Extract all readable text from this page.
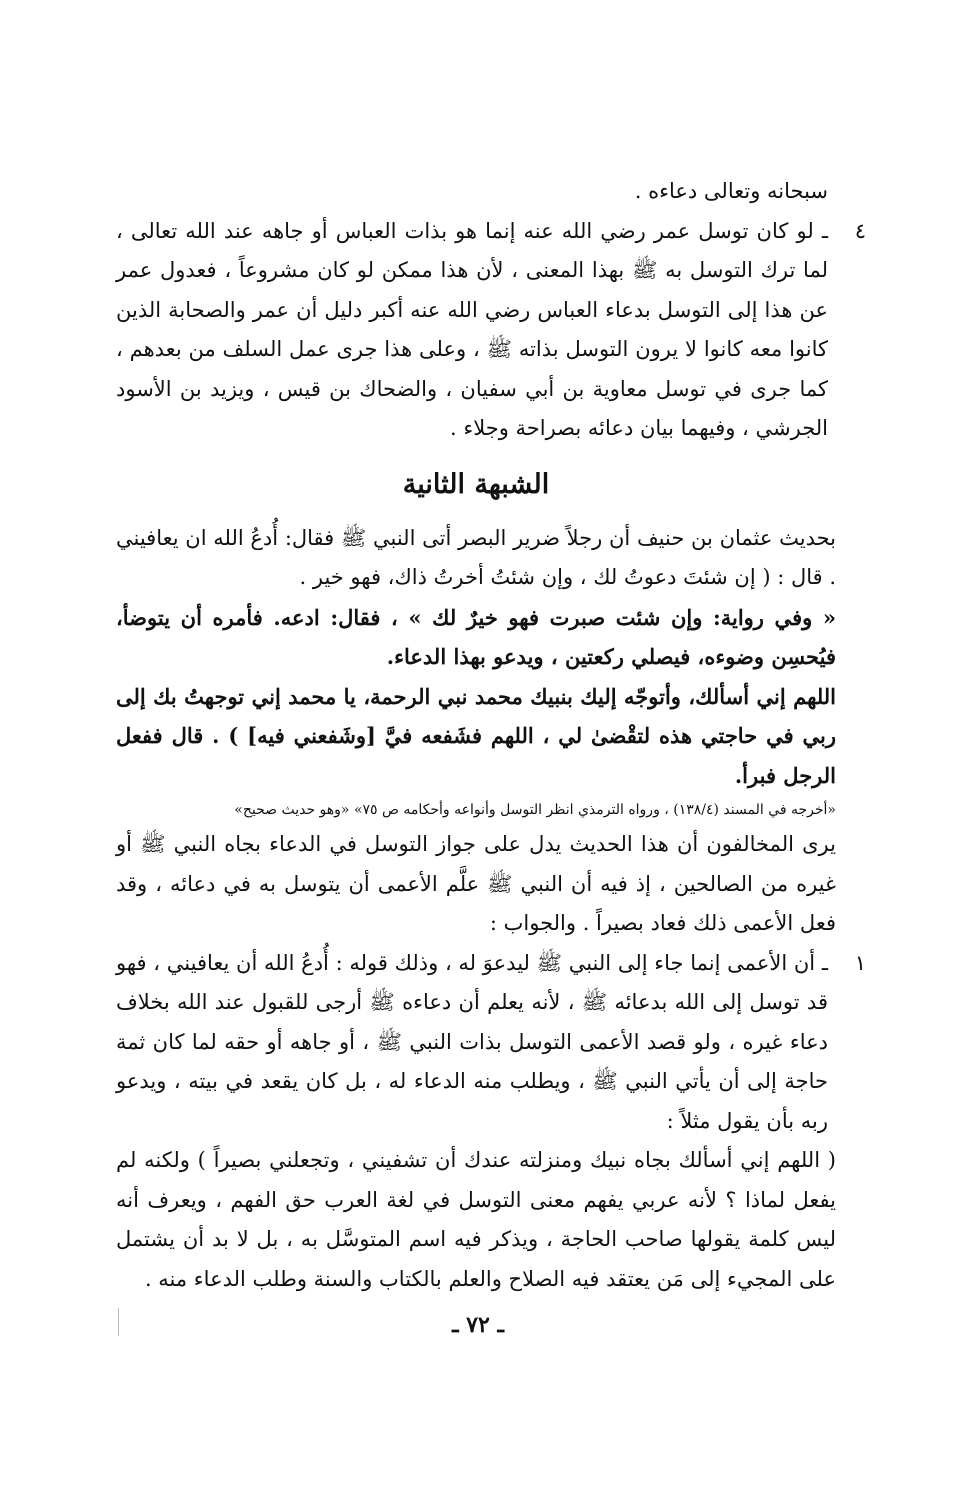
سبحانه وتعالى دعاءه .

٤
ـ لو كان توسل عمر رضي الله عنه إنما هو بذات العباس أو جاهه عند الله تعالى ، لما ترك التوسل به ﷺ بهذا المعنى ، لأن هذا ممكن لو كان مشروعاً ، فعدول عمر عن هذا إلى التوسل بدعاء العباس رضي الله عنه أكبر دليل أن عمر والصحابة الذين كانوا معه كانوا لا يرون التوسل بذاته ﷺ ، وعلى هذا جرى عمل السلف من بعدهم ، كما جرى في توسل معاوية بن أبي سفيان ، والضحاك بن قيس ، ويزيد بن الأسود الجرشي ، وفيهما بيان دعائه بصراحة وجلاء .

الشبهة الثانية

بحديث عثمان بن حنيف أن رجلاً ضرير البصر أتى النبي ﷺ فقال: أُدعُ الله ان يعافيني . قال : ( إن شئتَ دعوتُ لك ، وإن شئتُ أخرتُ ذاك، فهو خير .

« وفي رواية: وإن شئت صبرت فهو خيرٌ لك » ، فقال: ادعه. فأمره أن يتوضأ، فيُحسِن وضوءه، فيصلي ركعتين ، ويدعو بهذا الدعاء.

اللهم إني أسألك، وأتوجّه إليك بنبيك محمد نبي الرحمة، يا محمد إني توجهتُ بك إلى ربي في حاجتي هذه لتقْضىٰ لي ، اللهم فشَفعه فيَّ [وشَفعني فيه] ) . قال ففعل الرجل فبرأ.

«أخرجه في المسند (١٣٨/٤) ، ورواه الترمذي انظر التوسل وأنواعه وأحكامه ص ٧٥» «وهو حديث صحيح»

يرى المخالفون أن هذا الحديث يدل على جواز التوسل في الدعاء بجاه النبي ﷺ أو غيره من الصالحين ، إذ فيه أن النبي ﷺ علَّم الأعمى أن يتوسل به في دعائه ، وقد فعل الأعمى ذلك فعاد بصيراً . والجواب :

١
ـ أن الأعمى إنما جاء إلى النبي ﷺ ليدعوَ له ، وذلك قوله : أُدعُ الله أن يعافيني ، فهو قد توسل إلى الله بدعائه ﷺ ، لأنه يعلم أن دعاءه ﷺ أرجى للقبول عند الله بخلاف دعاء غيره ، ولو قصد الأعمى التوسل بذات النبي ﷺ ، أو جاهه أو حقه لما كان ثمة حاجة إلى أن يأتي النبي ﷺ ، ويطلب منه الدعاء له ، بل كان يقعد في بيته ، ويدعو ربه بأن يقول مثلاً :

( اللهم إني أسألك بجاه نبيك ومنزلته عندك أن تشفيني ، وتجعلني بصيراً ) ولكنه لم يفعل لماذا ؟ لأنه عربي يفهم معنى التوسل في لغة العرب حق الفهم ، ويعرف أنه ليس كلمة يقولها صاحب الحاجة ، ويذكر فيه اسم المتوسَّل به ، بل لا بد أن يشتمل على المجيء إلى مَن يعتقد فيه الصلاح والعلم بالكتاب والسنة وطلب الدعاء منه .

ـ ٧٢ ـ
